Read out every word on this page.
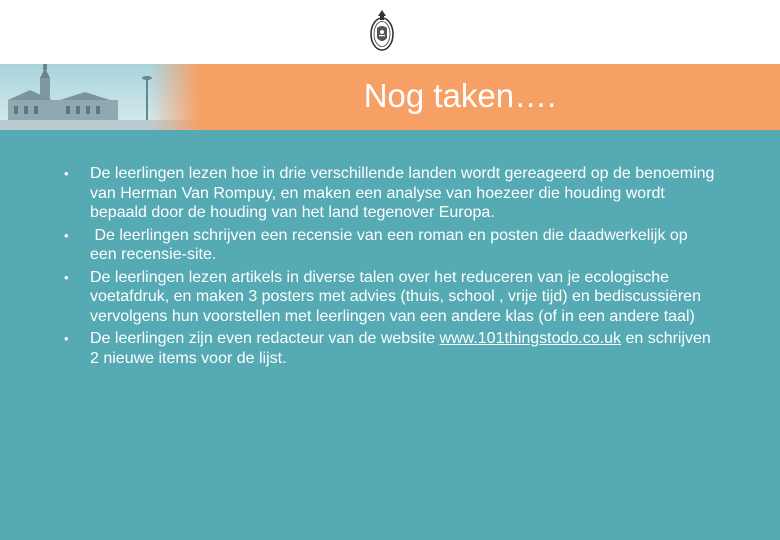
Nog taken….
• De leerlingen lezen hoe in drie verschillende landen wordt gereageerd op de benoeming van Herman Van Rompuy, en maken een analyse van hoezeer die houding wordt bepaald door de houding van het land tegenover Europa.
• De leerlingen schrijven een recensie van een roman en posten die daadwerkelijk op een recensie-site.
• De leerlingen lezen artikels in diverse talen over het reduceren van je ecologische voetafdruk, en maken 3 posters met advies (thuis, school , vrije tijd) en bediscussiëren vervolgens hun voorstellen met leerlingen van een andere klas (of in een andere taal)
• De leerlingen zijn even redacteur van de website www.101thingstodo.co.uk en schrijven 2 nieuwe items voor de lijst.
